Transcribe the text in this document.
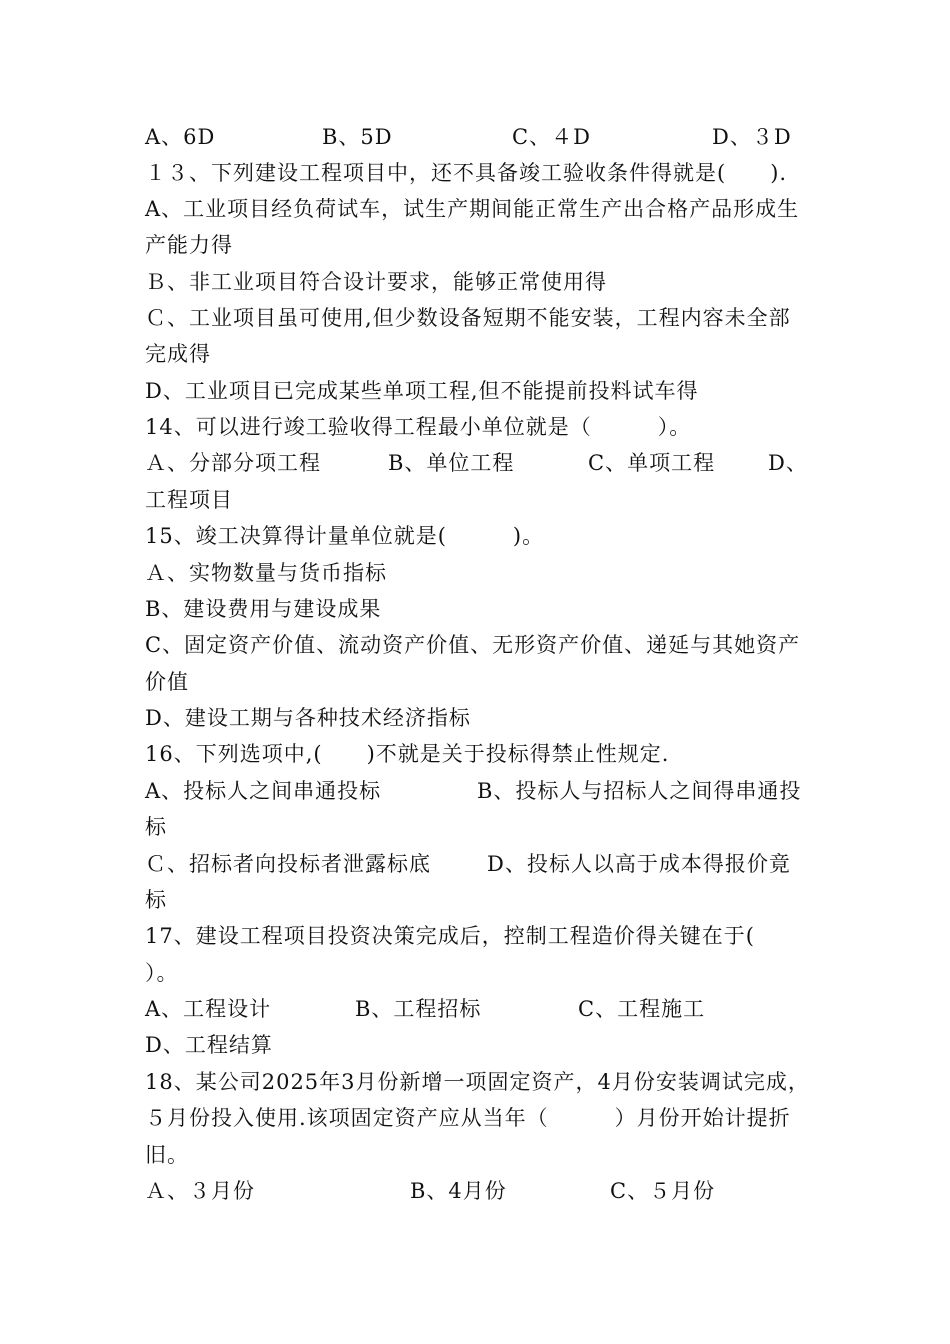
A、6D	B、5D	C、４D	D、３D
１３、下列建设工程项目中，还不具备竣工验收条件得就是(　　).
A、工业项目经负荷试车，试生产期间能正常生产出合格产品形成生
产能力得
Ｂ、非工业项目符合设计要求，能够正常使用得
Ｃ、工业项目虽可使用,但少数设备短期不能安装，工程内容未全部
完成得
D、工业项目已完成某些单项工程,但不能提前投料试车得
14、可以进行竣工验收得工程最小单位就是（　　　）。
Ａ、分部分项工程	B、单位工程	C、单项工程	D、
工程项目
15、竣工决算得计量单位就是(　　　)。
Ａ、实物数量与货币指标
B、建设费用与建设成果
C、固定资产价值、流动资产价值、无形资产价值、递延与其她资产
价值
D、建设工期与各种技术经济指标
16、下列选项中,(　　)不就是关于投标得禁止性规定.
A、投标人之间串通投标	B、投标人与招标人之间得串通投
标
Ｃ、招标者向投标者泄露标底	D、投标人以高于成本得报价竟
标
17、建设工程项目投资决策完成后，控制工程造价得关键在于(
）。
A、工程设计	B、工程招标	C、工程施工
D、工程结算
18、某公司2025年3月份新增一项固定资产，4月份安装调试完成，
５月份投入使用.该项固定资产应从当年（　　　）月份开始计提折
旧。
Ａ、３月份	B、4月份	C、５月份
